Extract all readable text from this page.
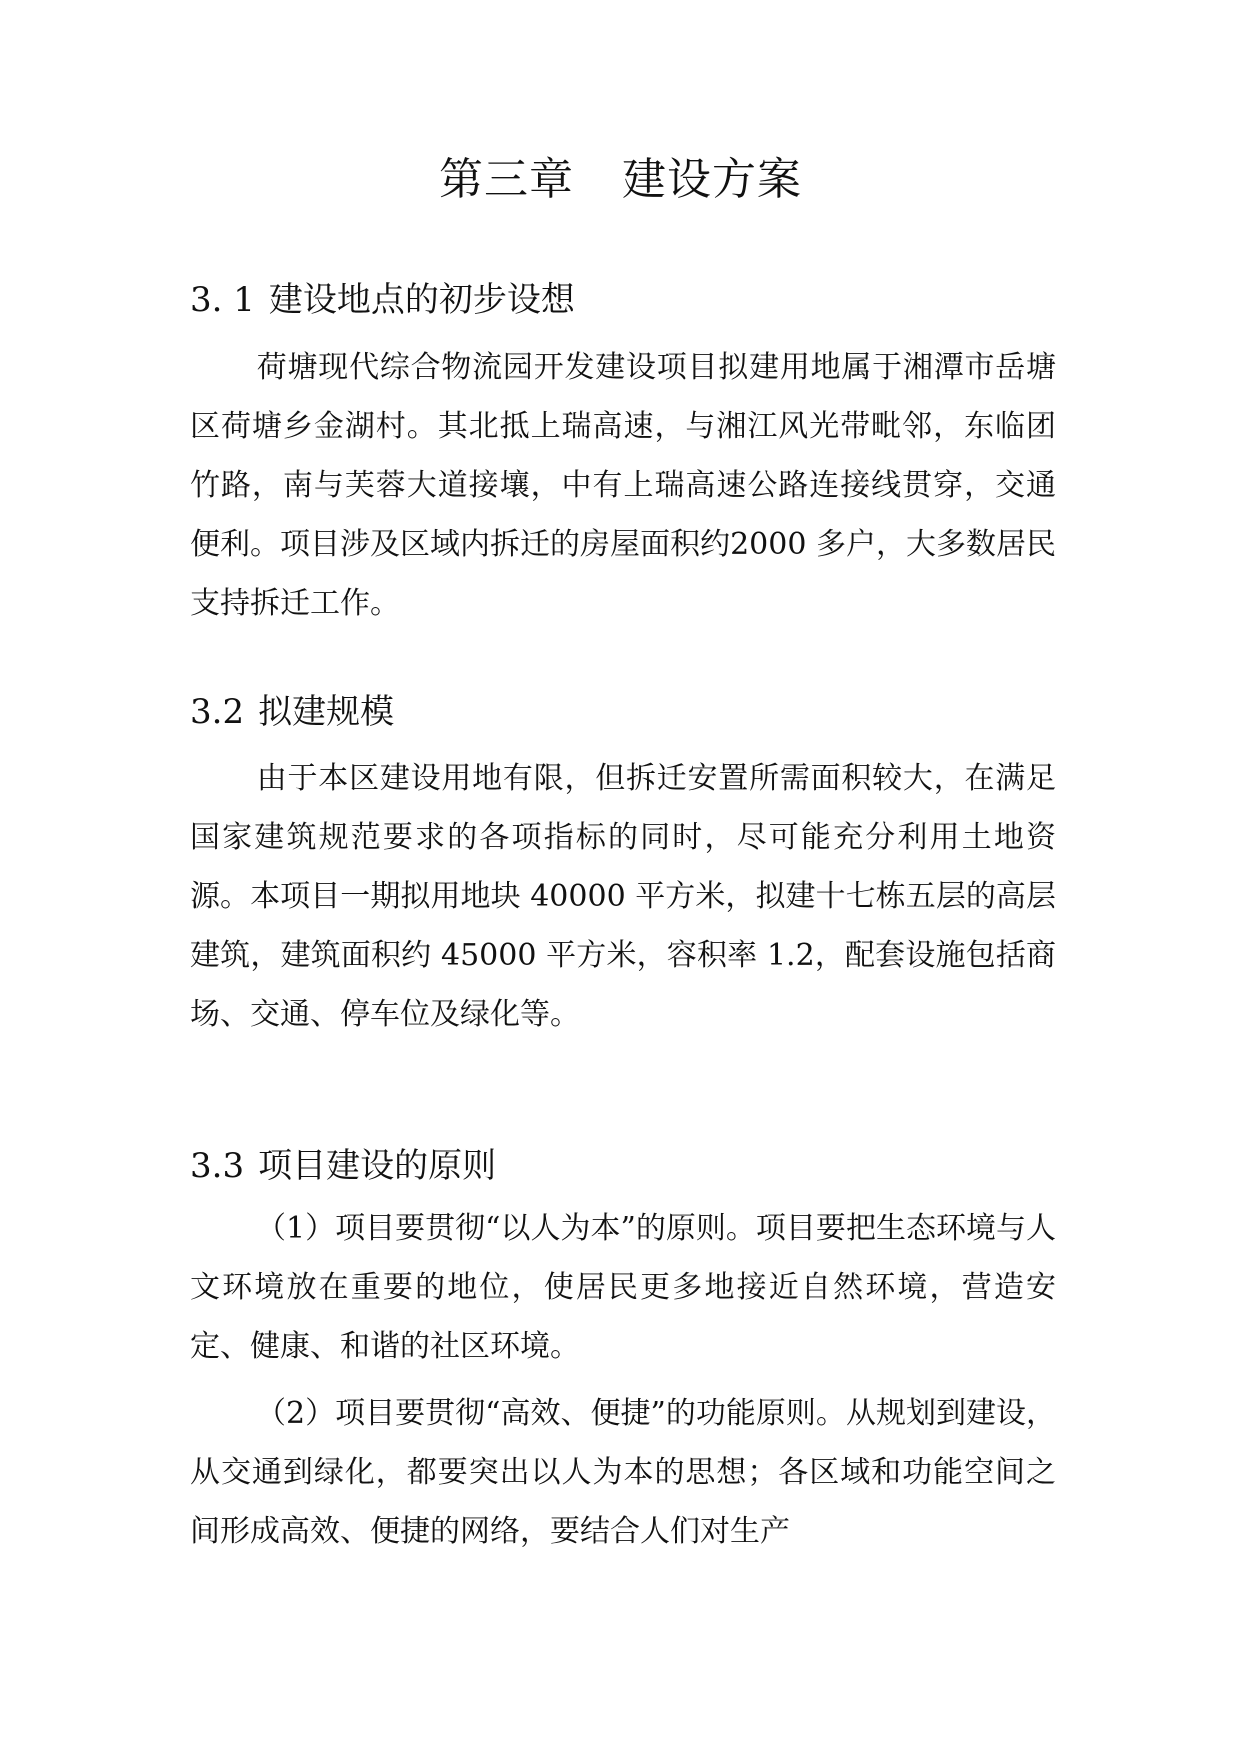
第三章 建设方案
3. 1 建设地点的初步设想

荷塘现代综合物流园开发建设项目拟建用地属于湘潭市岳塘区荷塘乡金湖村。其北抵上瑞高速，与湘江风光带毗邻，东临团竹路，南与芙蓉大道接壤，中有上瑞高速公路连接线贯穿，交通便利。项目涉及区域内拆迁的房屋面积约2000 多户，大多数居民支持拆迁工作。

3.2 拟建规模

由于本区建设用地有限，但拆迁安置所需面积较大，在满足国家建筑规范要求的各项指标的同时，尽可能充分利用土地资源。本项目一期拟用地块 40000 平方米，拟建十七栋五层的高层建筑，建筑面积约 45000 平方米，容积率 1.2，配套设施包括商场、交通、停车位及绿化等。

3.3 项目建设的原则

（1）项目要贯彻“以人为本”的原则。项目要把生态环境与人文环境放在重要的地位，使居民更多地接近自然环境，营造安定、健康、和谐的社区环境。

（2）项目要贯彻“高效、便捷”的功能原则。从规划到建设，从交通到绿化，都要突出以人为本的思想；各区域和功能空间之间形成高效、便捷的网络，要结合人们对生产
